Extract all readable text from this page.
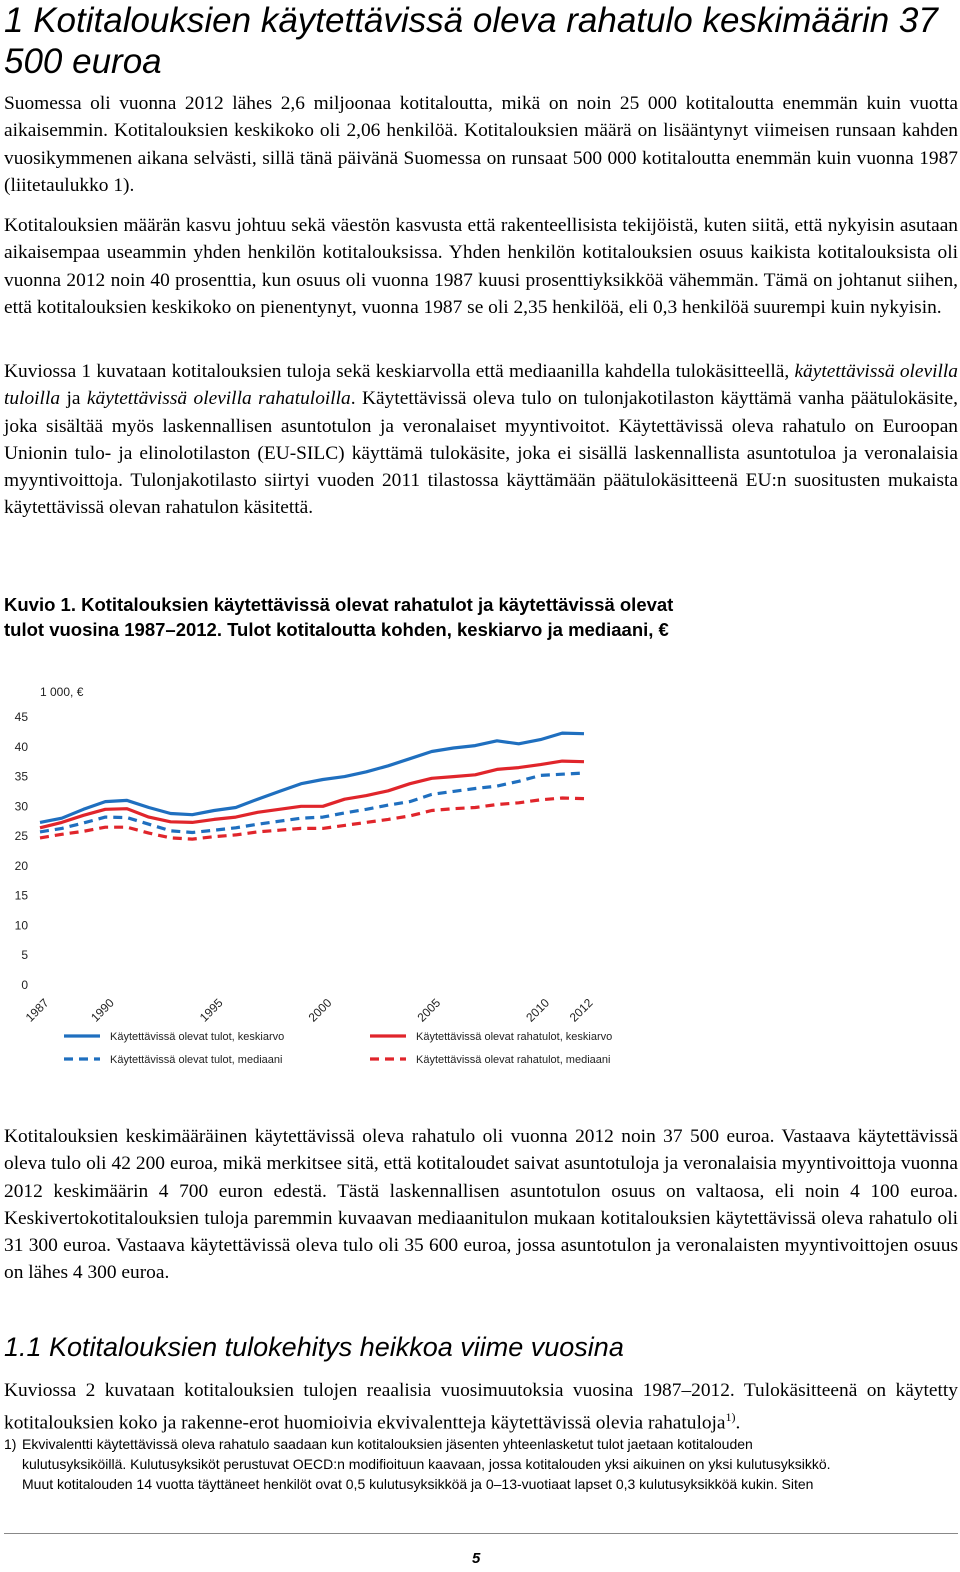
1 Kotitalouksien käytettävissä oleva rahatulo keskimäärin 37 500 euroa

Suomessa oli vuonna 2012 lähes 2,6 miljoonaa kotitaloutta, mikä on noin 25 000 kotitaloutta enemmän kuin vuotta aikaisemmin. Kotitalouksien keskikoko oli 2,06 henkilöä. Kotitalouksien määrä on lisääntynyt viimeisen runsaan kahden vuosikymmenen aikana selvästi, sillä tänä päivänä Suomessa on runsaat 500 000 kotitaloutta enemmän kuin vuonna 1987 (liitetaulukko 1).

Kotitalouksien määrän kasvu johtuu sekä väestön kasvusta että rakenteellisista tekijöistä, kuten siitä, että nykyisin asutaan aikaisempaa useammin yhden henkilön kotitalouksissa. Yhden henkilön kotitalouksien osuus kaikista kotitalouksista oli vuonna 2012 noin 40 prosenttia, kun osuus oli vuonna 1987 kuusi prosenttiyksikköä vähemmän. Tämä on johtanut siihen, että kotitalouksien keskikoko on pienentynyt, vuonna 1987 se oli 2,35 henkilöä, eli 0,3 henkilöä suurempi kuin nykyisin.

Kuviossa 1 kuvataan kotitalouksien tuloja sekä keskiarvolla että mediaanilla kahdella tulokäsitteellä, käytettävissä olevilla tuloilla ja käytettävissä olevilla rahatuloilla. Käytettävissä oleva tulo on tulonjakotilaston käyttämä vanha päätulokäsite, joka sisältää myös laskennallisen asuntotulon ja veronalaiset myyntivoitot. Käytettävissä oleva rahatulo on Euroopan Unionin tulo- ja elinolotilaston (EU-SILC) käyttämä tulokäsite, joka ei sisällä laskennallista asuntotuloa ja veronalaisia myyntivoittoja. Tulonjakotilasto siirtyi vuoden 2011 tilastossa käyttämään päätulokäsitteenä EU:n suositusten mukaista käytettävissä olevan rahatulon käsitettä.

Kuvio 1. Kotitalouksien käytettävissä olevat rahatulot ja käytettävissä olevat tulot vuosina 1987–2012. Tulot kotitaloutta kohden, keskiarvo ja mediaani, €

1 000, €
0
5
10
15
20
25
30
35
40
45
1987	1990	1995	2000	2005	2010 2012
Käytettävissä olevat tulot, keskiarvo	Käytettävissä olevat rahatulot, keskiarvo
Käytettävissä olevat tulot, mediaani	Käytettävissä olevat rahatulot, mediaani

Kotitalouksien keskimääräinen käytettävissä oleva rahatulo oli vuonna 2012 noin 37 500 euroa. Vastaava käytettävissä oleva tulo oli 42 200 euroa, mikä merkitsee sitä, että kotitaloudet saivat asuntotuloja ja veronalaisia myyntivoittoja vuonna 2012 keskimäärin 4 700 euron edestä. Tästä laskennallisen asuntotulon osuus on valtaosa, eli noin 4 100 euroa. Keskivertokotitalouksien tuloja paremmin kuvaavan mediaanitulon mukaan kotitalouksien käytettävissä oleva rahatulo oli 31 300 euroa. Vastaava käytettävissä oleva tulo oli 35 600 euroa, jossa asuntotulon ja veronalaisten myyntivoittojen osuus on lähes 4 300 euroa.

1.1 Kotitalouksien tulokehitys heikkoa viime vuosina

Kuviossa 2 kuvataan kotitalouksien tulojen reaalisia vuosimuutoksia vuosina 1987–2012. Tulokäsitteenä on käytetty kotitalouksien koko ja rakenne-erot huomioivia ekvivalentteja käytettävissä olevia rahatuloja$^{1)}$.

1) Ekvivalentti käytettävissä oleva rahatulo saadaan kun kotitalouksien jäsenten yhteenlasketut tulot jaetaan kotitalouden
kulutusyksiköillä. Kulutusyksiköt perustuvat OECD:n modifioituun kaavaan, jossa kotitalouden yksi aikuinen on yksi kulutusyksikkö.
Muut kotitalouden 14 vuotta täyttäneet henkilöt ovat 0,5 kulutusyksikköä ja 0–13-vuotiaat lapset 0,3 kulutusyksikköä kukin. Siten
5
